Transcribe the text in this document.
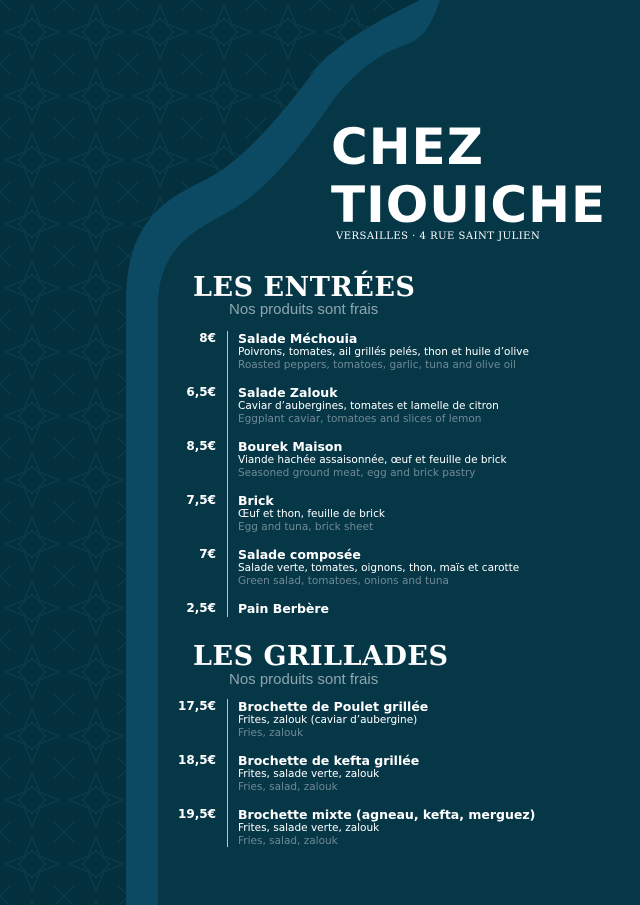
CHEZ
TIOUICHE
VERSAILLES · 4 RUE SAINT JULIEN
LES ENTRÉES
Nos produits sont frais
8€ Salade Méchouia
Poivrons, tomates, ail grillés pelés, thon et huile d’olive
Roasted peppers, tomatoes, garlic, tuna and olive oil
6,5€ Salade Zalouk
Caviar d’aubergines, tomates et lamelle de citron
Eggplant caviar, tomatoes and slices of lemon
8,5€ Bourek Maison
Viande hachée assaisonnée, œuf et feuille de brick
Seasoned ground meat, egg and brick pastry
7,5€ Brick
Œuf et thon, feuille de brick
Egg and tuna, brick sheet
7€ Salade composée
Salade verte, tomates, oignons, thon, maïs et carotte
Green salad, tomatoes, onions and tuna
2,5€ Pain Berbère
LES GRILLADES
Nos produits sont frais
17,5€ Brochette de Poulet grillée
Frites, zalouk (caviar d’aubergine)
Fries, zalouk
18,5€ Brochette de kefta grillée
Frites, salade verte, zalouk
Fries, salad, zalouk
19,5€ Brochette mixte (agneau, kefta, merguez)
Frites, salade verte, zalouk
Fries, salad, zalouk
